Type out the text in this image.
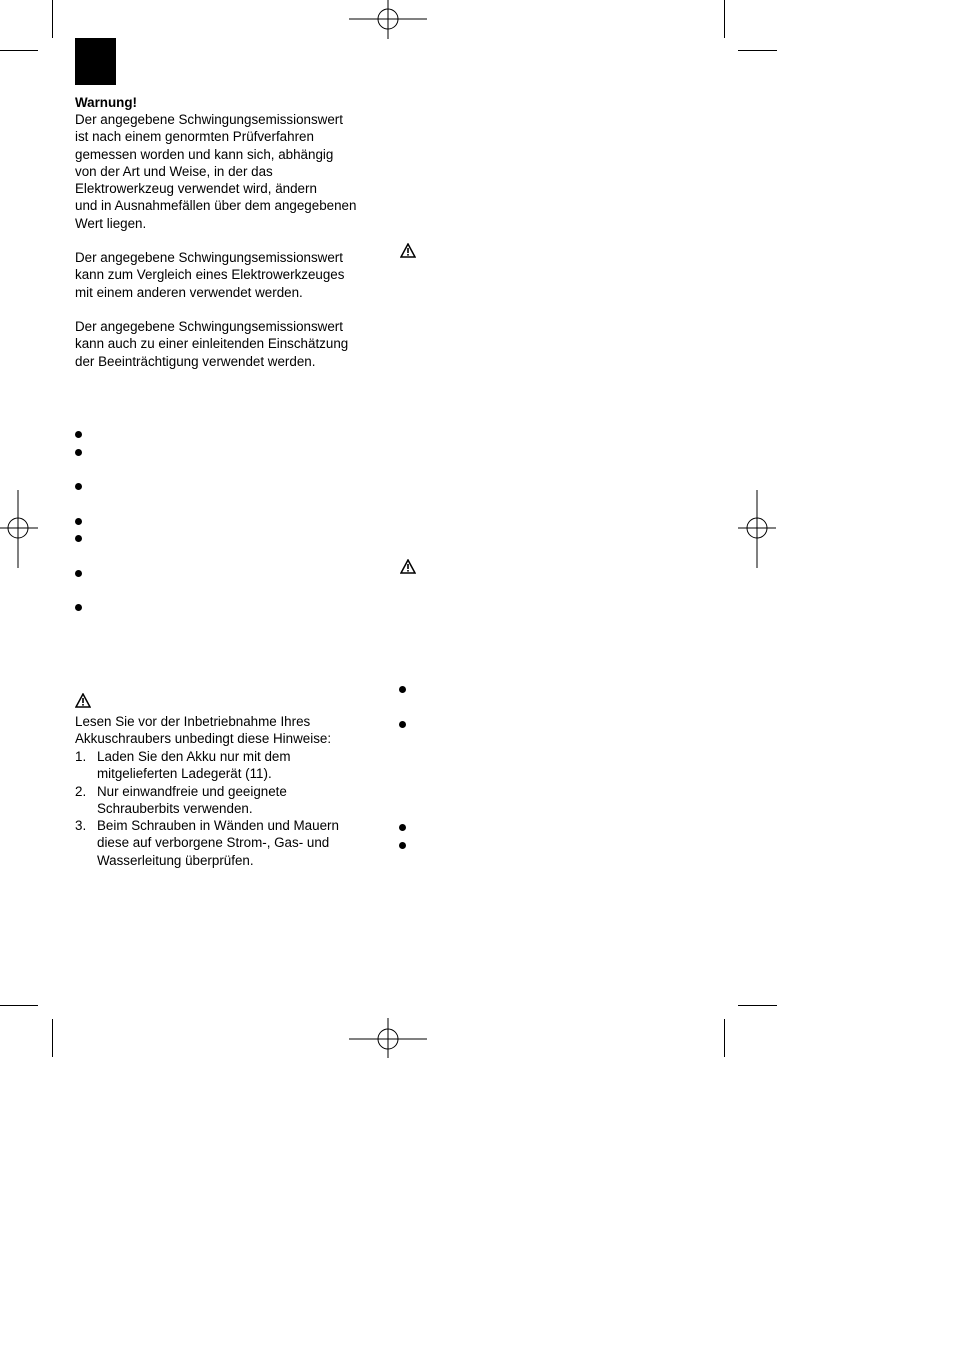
Warnung!
Der angegebene Schwingungsemissionswert
ist nach einem genormten Prüfverfahren
gemessen worden und kann sich, abhängig
von der Art und Weise, in der das
Elektrowerkzeug verwendet wird, ändern
und in Ausnahmefällen über dem angegebenen
Wert liegen.
Der angegebene Schwingungsemissionswert
kann zum Vergleich eines Elektrowerkzeuges
mit einem anderen verwendet werden.
Der angegebene Schwingungsemissionswert
kann auch zu einer einleitenden Einschätzung
der Beeinträchtigung verwendet werden.
Lesen Sie vor der Inbetriebnahme Ihres
Akkuschraubers unbedingt diese Hinweise:
1. Laden Sie den Akku nur mit dem
mitgelieferten Ladegerät (11).
2. Nur einwandfreie und geeignete
Schrauberbits verwenden.
3. Beim Schrauben in Wänden und Mauern
diese auf verborgene Strom-, Gas- und
Wasserleitung überprüfen.
